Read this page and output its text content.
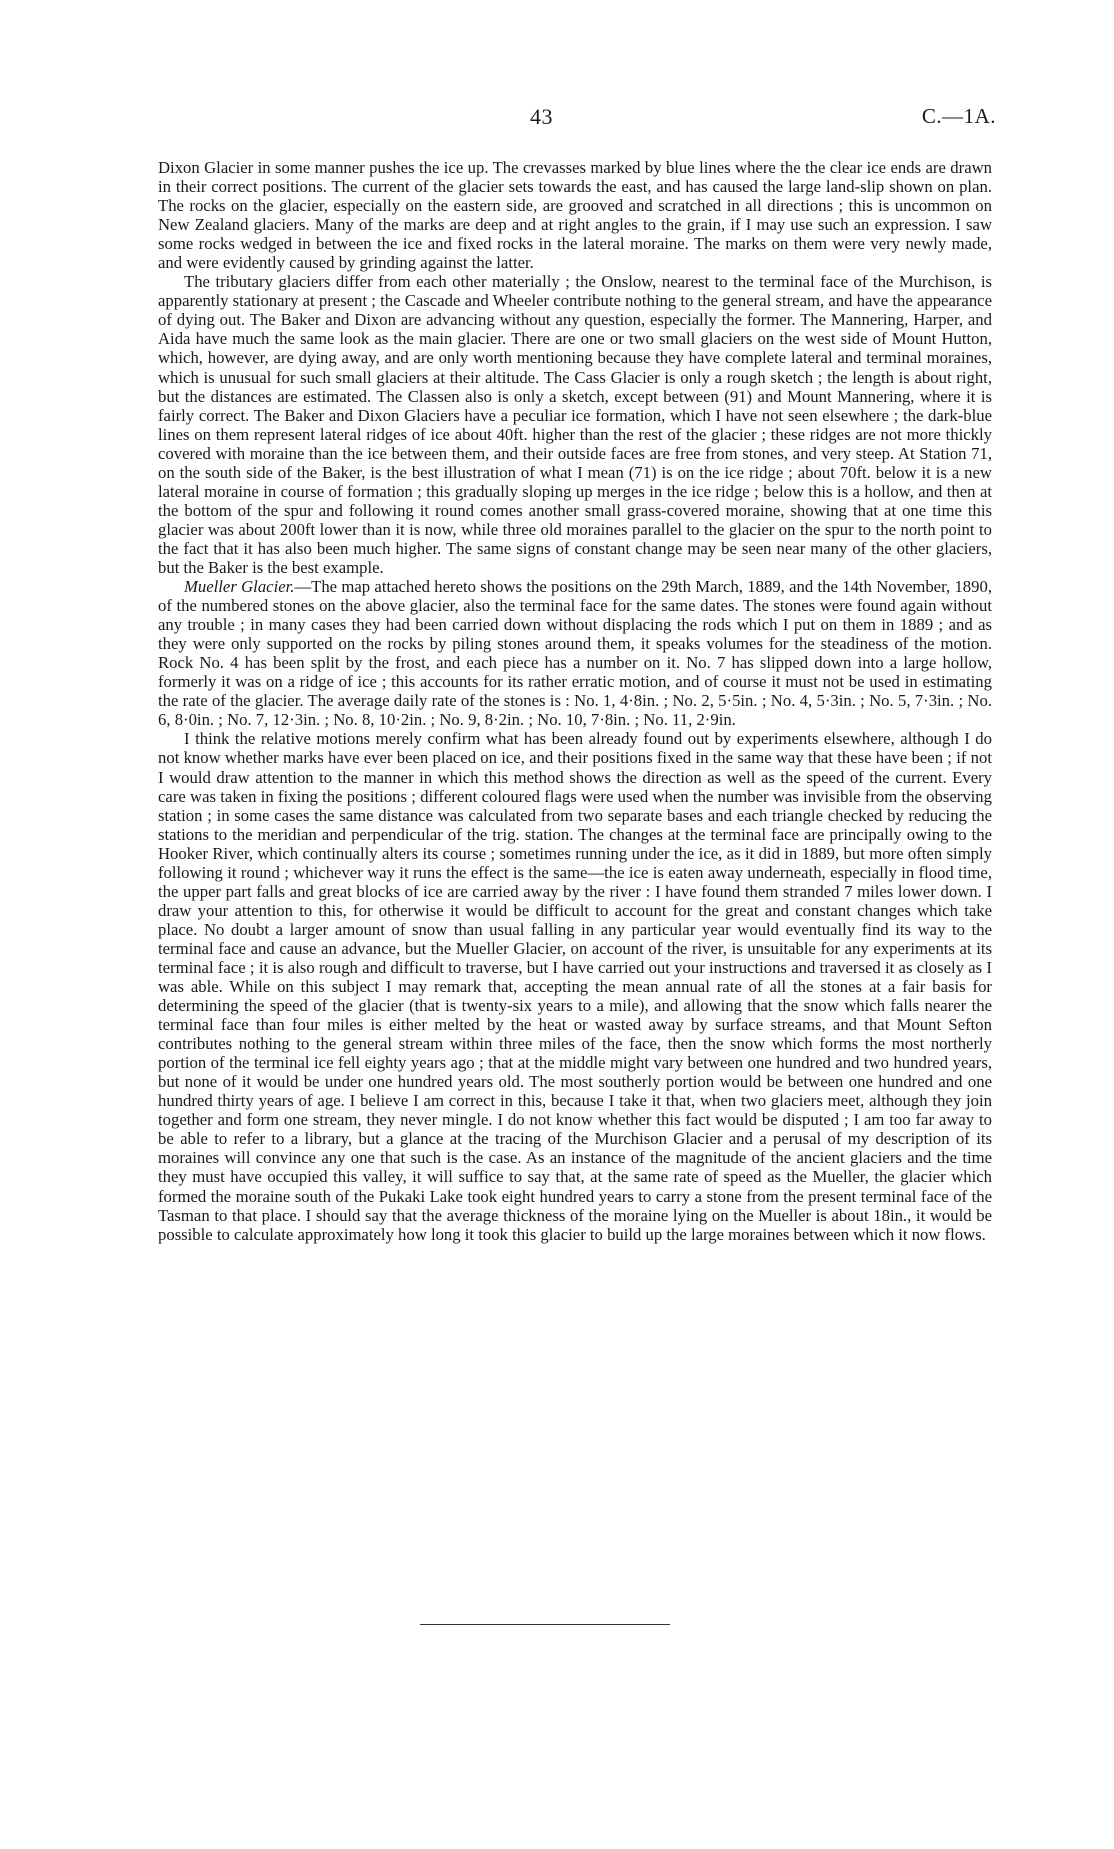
43	C.—1A.

Dixon Glacier in some manner pushes the ice up. The crevasses marked by blue lines where the the clear ice ends are drawn in their correct positions. The current of the glacier sets towards the east, and has caused the large land-slip shown on plan. The rocks on the glacier, especially on the eastern side, are grooved and scratched in all directions ; this is uncommon on New Zealand glaciers. Many of the marks are deep and at right angles to the grain, if I may use such an expression. I saw some rocks wedged in between the ice and fixed rocks in the lateral moraine. The marks on them were very newly made, and were evidently caused by grinding against the latter.

The tributary glaciers differ from each other materially ; the Onslow, nearest to the terminal face of the Murchison, is apparently stationary at present ; the Cascade and Wheeler contribute nothing to the general stream, and have the appearance of dying out. The Baker and Dixon are advancing without any question, especially the former. The Mannering, Harper, and Aida have much the same look as the main glacier. There are one or two small glaciers on the west side of Mount Hutton, which, however, are dying away, and are only worth mentioning because they have complete lateral and terminal moraines, which is unusual for such small glaciers at their altitude. The Cass Glacier is only a rough sketch ; the length is about right, but the distances are estimated. The Classen also is only a sketch, except between (91) and Mount Mannering, where it is fairly correct. The Baker and Dixon Glaciers have a peculiar ice formation, which I have not seen elsewhere ; the dark-blue lines on them represent lateral ridges of ice about 40ft. higher than the rest of the glacier ; these ridges are not more thickly covered with moraine than the ice between them, and their outside faces are free from stones, and very steep. At Station 71, on the south side of the Baker, is the best illustration of what I mean (71) is on the ice ridge ; about 70ft. below it is a new lateral moraine in course of formation ; this gradually sloping up merges in the ice ridge ; below this is a hollow, and then at the bottom of the spur and following it round comes another small grass-covered moraine, showing that at one time this glacier was about 200ft lower than it is now, while three old moraines parallel to the glacier on the spur to the north point to the fact that it has also been much higher. The same signs of constant change may be seen near many of the other glaciers, but the Baker is the best example.

Mueller Glacier.—The map attached hereto shows the positions on the 29th March, 1889, and the 14th November, 1890, of the numbered stones on the above glacier, also the terminal face for the same dates. The stones were found again without any trouble ; in many cases they had been carried down without displacing the rods which I put on them in 1889 ; and as they were only supported on the rocks by piling stones around them, it speaks volumes for the steadiness of the motion. Rock No. 4 has been split by the frost, and each piece has a number on it. No. 7 has slipped down into a large hollow, formerly it was on a ridge of ice ; this accounts for its rather erratic motion, and of course it must not be used in estimating the rate of the glacier. The average daily rate of the stones is : No. 1, 4·8in. ; No. 2, 5·5in. ; No. 4, 5·3in. ; No. 5, 7·3in. ; No. 6, 8·0in. ; No. 7, 12·3in. ; No. 8, 10·2in. ; No. 9, 8·2in. ; No. 10, 7·8in. ; No. 11, 2·9in.

I think the relative motions merely confirm what has been already found out by experiments elsewhere, although I do not know whether marks have ever been placed on ice, and their positions fixed in the same way that these have been ; if not I would draw attention to the manner in which this method shows the direction as well as the speed of the current. Every care was taken in fixing the positions ; different coloured flags were used when the number was invisible from the observing station ; in some cases the same distance was calculated from two separate bases and each triangle checked by reducing the stations to the meridian and perpendicular of the trig. station. The changes at the terminal face are principally owing to the Hooker River, which continually alters its course ; sometimes running under the ice, as it did in 1889, but more often simply following it round ; whichever way it runs the effect is the same—the ice is eaten away underneath, especially in flood time, the upper part falls and great blocks of ice are carried away by the river : I have found them stranded 7 miles lower down. I draw your attention to this, for otherwise it would be difficult to account for the great and constant changes which take place. No doubt a larger amount of snow than usual falling in any particular year would eventually find its way to the terminal face and cause an advance, but the Mueller Glacier, on account of the river, is unsuitable for any experiments at its terminal face ; it is also rough and difficult to traverse, but I have carried out your instructions and traversed it as closely as I was able. While on this subject I may remark that, accepting the mean annual rate of all the stones at a fair basis for determining the speed of the glacier (that is twenty-six years to a mile), and allowing that the snow which falls nearer the terminal face than four miles is either melted by the heat or wasted away by surface streams, and that Mount Sefton contributes nothing to the general stream within three miles of the face, then the snow which forms the most northerly portion of the terminal ice fell eighty years ago ; that at the middle might vary between one hundred and two hundred years, but none of it would be under one hundred years old. The most southerly portion would be between one hundred and one hundred thirty years of age. I believe I am correct in this, because I take it that, when two glaciers meet, although they join together and form one stream, they never mingle. I do not know whether this fact would be disputed ; I am too far away to be able to refer to a library, but a glance at the tracing of the Murchison Glacier and a perusal of my description of its moraines will convince any one that such is the case. As an instance of the magnitude of the ancient glaciers and the time they must have occupied this valley, it will suffice to say that, at the same rate of speed as the Mueller, the glacier which formed the moraine south of the Pukaki Lake took eight hundred years to carry a stone from the present terminal face of the Tasman to that place. I should say that the average thickness of the moraine lying on the Mueller is about 18in., it would be possible to calculate approximately how long it took this glacier to build up the large moraines between which it now flows.
